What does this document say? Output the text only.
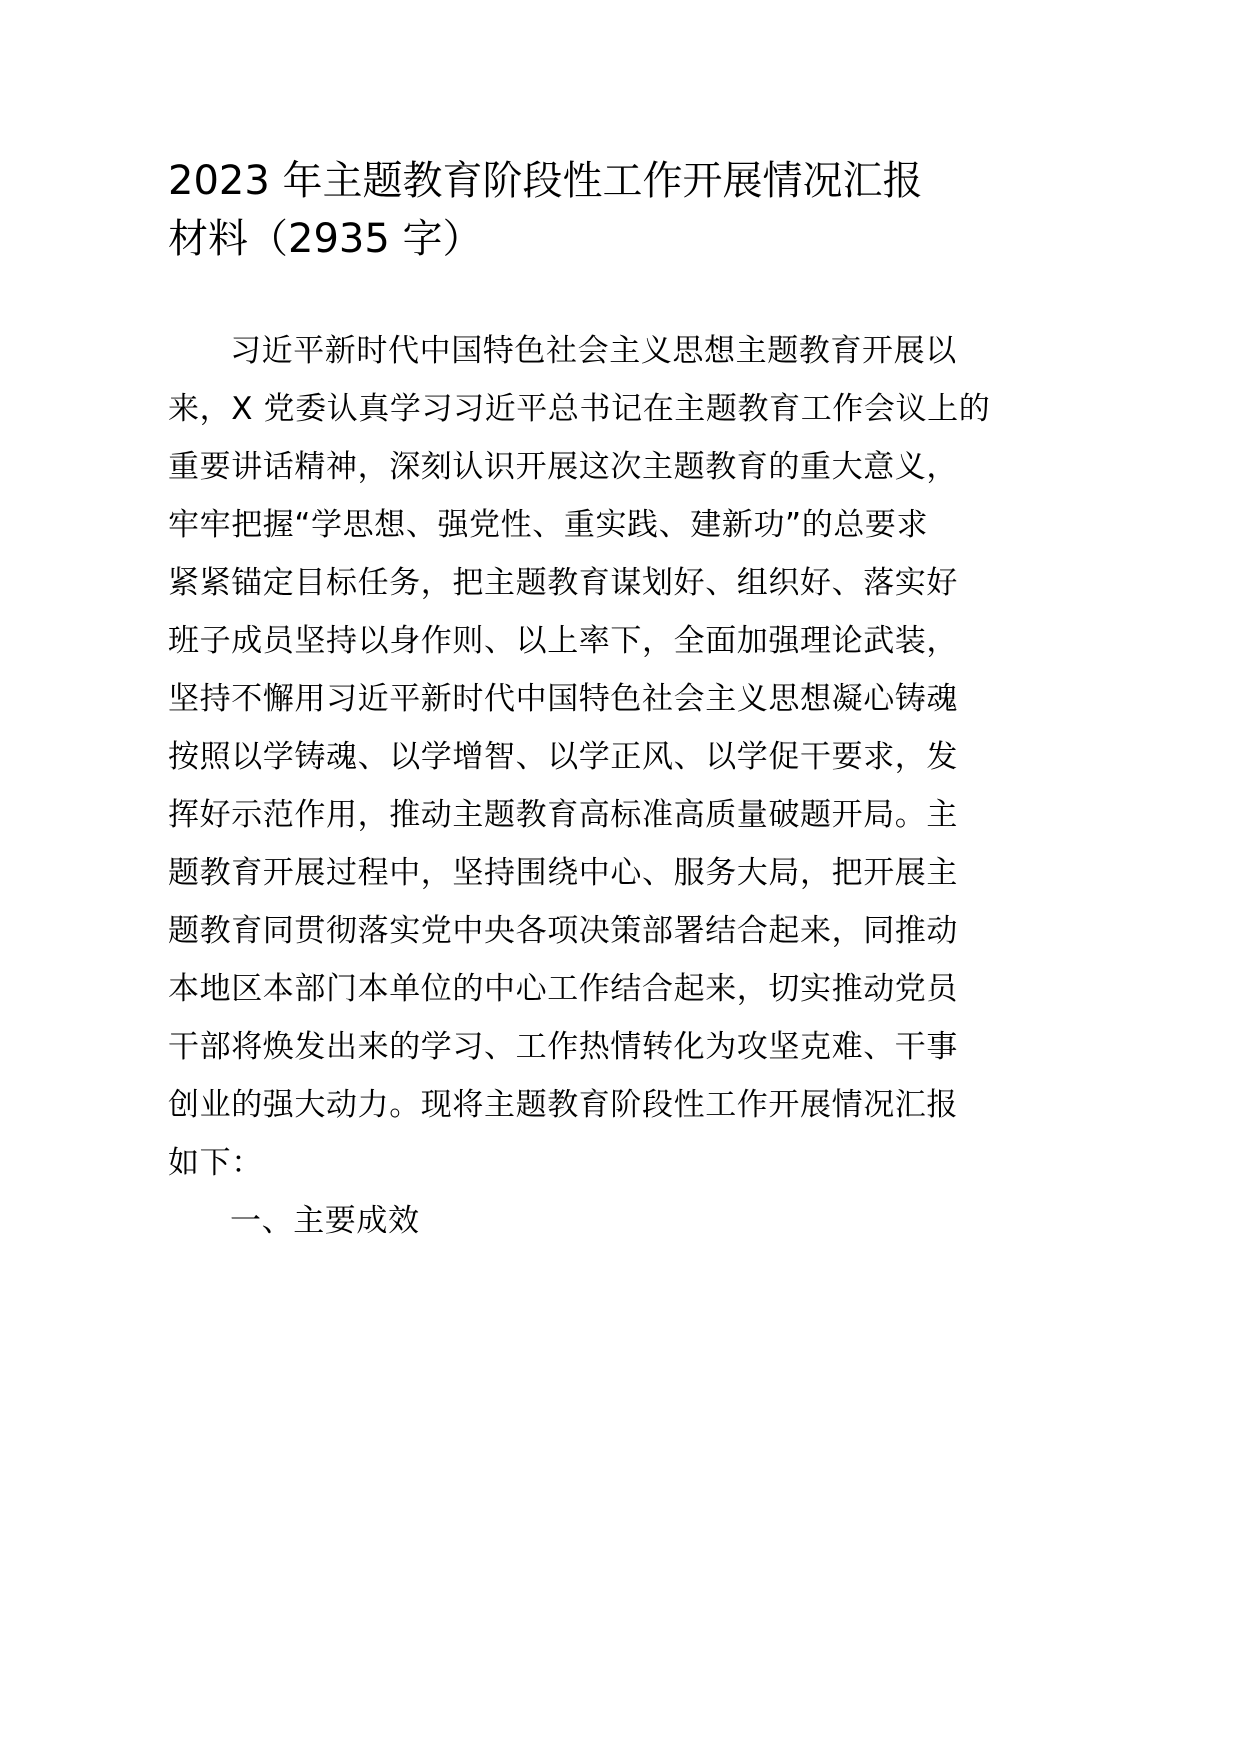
2023 年主题教育阶段性工作开展情况汇报
材料（2935 字）
习近平新时代中国特色社会主义思想主题教育开展以
来，X 党委认真学习习近平总书记在主题教育工作会议上的
重要讲话精神，深刻认识开展这次主题教育的重大意义，
牢牢把握“学思想、强党性、重实践、建新功”的总要求
紧紧锚定目标任务，把主题教育谋划好、组织好、落实好
班子成员坚持以身作则、以上率下，全面加强理论武装，
坚持不懈用习近平新时代中国特色社会主义思想凝心铸魂
按照以学铸魂、以学增智、以学正风、以学促干要求，发
挥好示范作用，推动主题教育高标准高质量破题开局。主
题教育开展过程中，坚持围绕中心、服务大局，把开展主
题教育同贯彻落实党中央各项决策部署结合起来，同推动
本地区本部门本单位的中心工作结合起来，切实推动党员
干部将焕发出来的学习、工作热情转化为攻坚克难、干事
创业的强大动力。现将主题教育阶段性工作开展情况汇报
如下：
一、主要成效
